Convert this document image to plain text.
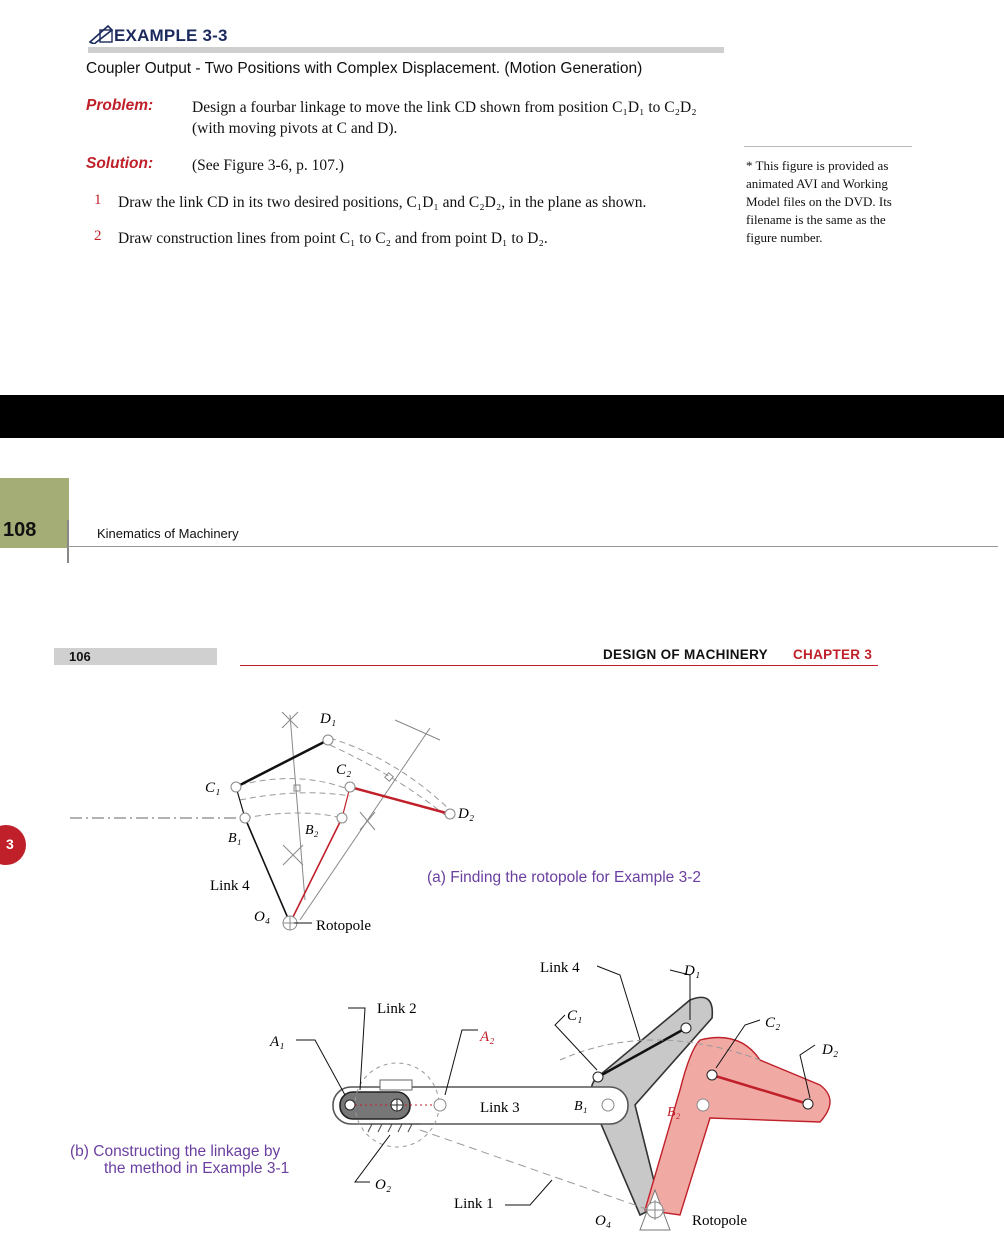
EXAMPLE 3-3
Coupler Output - Two Positions with Complex Displacement. (Motion Generation)
Problem:	Design a fourbar linkage to move the link CD shown from position C₁D₁ to C₂D₂
(with moving pivots at C and D).
Solution:	(See Figure 3-6, p. 107.)
1 Draw the link CD in its two desired positions, C₁D₁ and C₂D₂, in the plane as shown.
2 Draw construction lines from point C₁ to C₂ and from point D₁ to D₂.
* This figure is provided as animated AVI and Working Model files on the DVD. Its filename is the same as the figure number.
108	Kinematics of Machinery
106	DESIGN OF MACHINERY CHAPTER 3
3
D₁
C₂
C₁
D₂
B₁
B₂
Link 4
O₄
Rotopole
Link 4	D₁
C₁	C₂
D₂
Link 2
A₁	A₂
Link 3	B₁	B₂
O₂
Link 1
O₄	Rotopole
(a) Finding the rotopole for Example 3-2
(b) Constructing the linkage by
the method in Example 3-1
